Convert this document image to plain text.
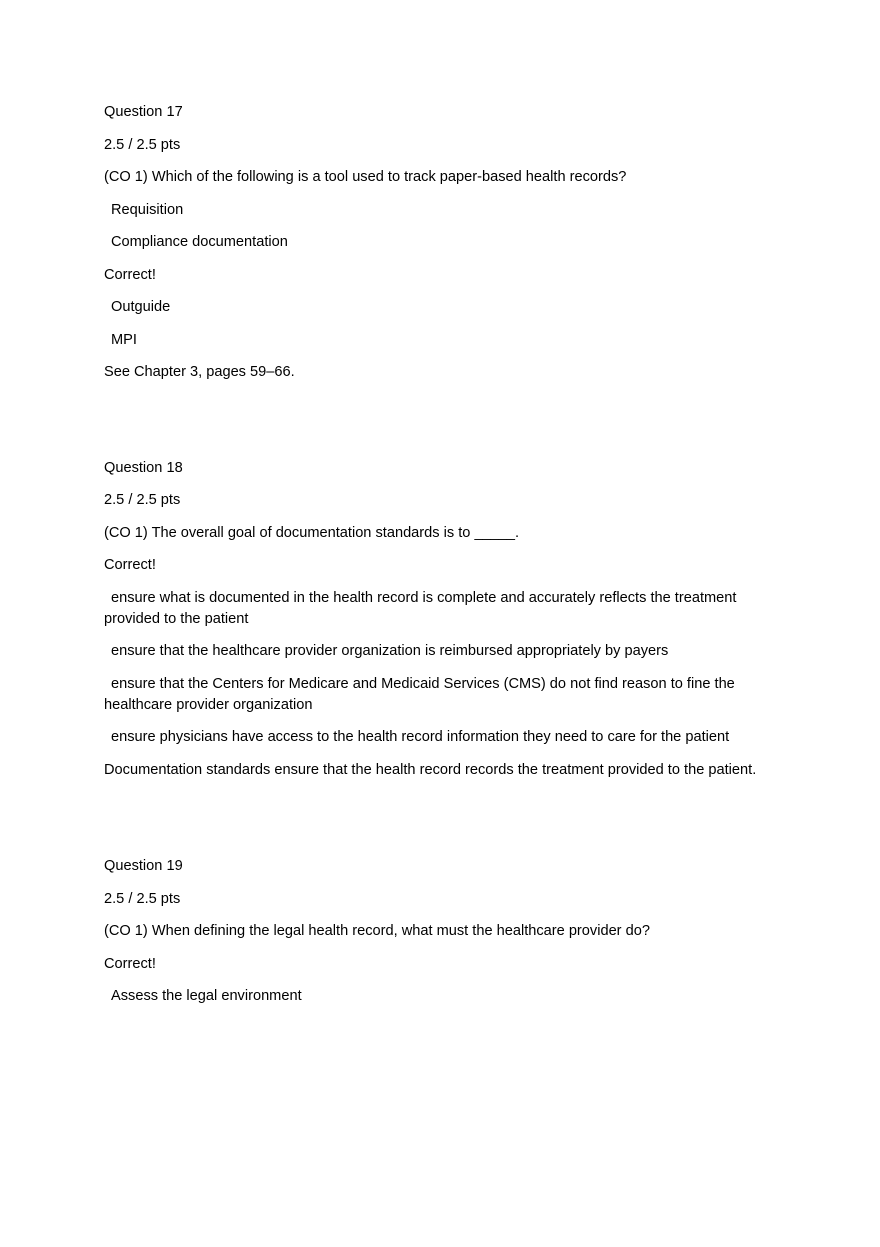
Question 17

2.5 / 2.5 pts

(CO 1) Which of the following is a tool used to track paper-based health records?

Requisition

Compliance documentation

Correct!

Outguide

MPI

See Chapter 3, pages 59–66.

Question 18

2.5 / 2.5 pts

(CO 1) The overall goal of documentation standards is to _____.

Correct!

ensure what is documented in the health record is complete and accurately reflects the treatment provided to the patient

ensure that the healthcare provider organization is reimbursed appropriately by payers

ensure that the Centers for Medicare and Medicaid Services (CMS) do not find reason to fine the healthcare provider organization

ensure physicians have access to the health record information they need to care for the patient

Documentation standards ensure that the health record records the treatment provided to the patient.

Question 19

2.5 / 2.5 pts

(CO 1) When defining the legal health record, what must the healthcare provider do?

Correct!

Assess the legal environment
